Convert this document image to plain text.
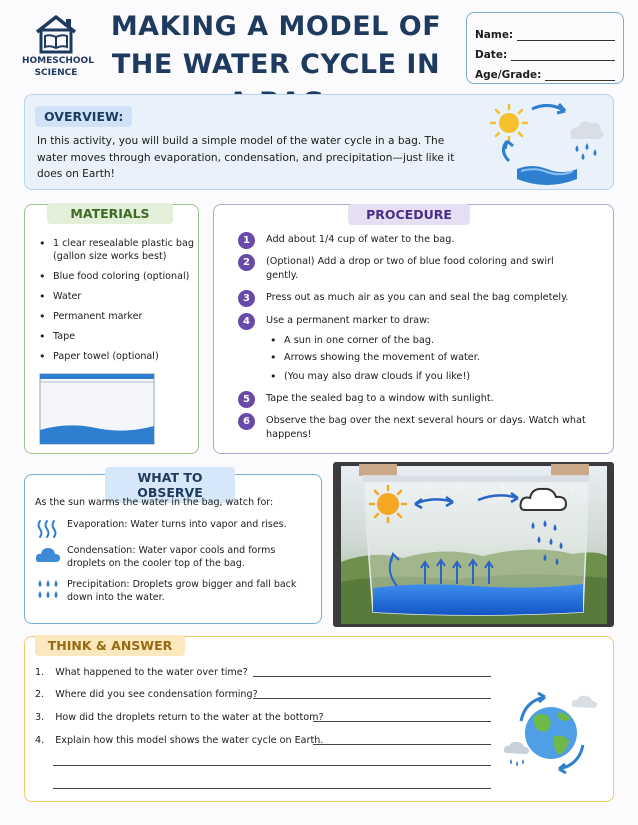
HOMESCHOOL
SCIENCE
MAKING A MODEL OF
THE WATER CYCLE IN
Name:
Date:
Age/Grade:
OVERVIEW:
In this activity, you will build a simple model of the water cycle in a bag. The water moves through evaporation, condensation, and precipitation—just like it does on Earth!
MATERIALS
• 1 clear resealable plastic bag (gallon size works best)
• Blue food coloring (optional)
• Water
• Permanent marker
• Tape
• Paper towel (optional)
PROCEDURE
1	Add about 1/4 cup of water to the bag.
2	(Optional) Add a drop or two of blue food coloring and swirl gently.
3	Press out as much air as you can and seal the bag completely.
4	Use a permanent marker to draw:
• A sun in one corner of the bag.
• Arrows showing the movement of water.
• (You may also draw clouds if you like!)
5	Tape the sealed bag to a window with sunlight.
6	Observe the bag over the next several hours or days. Watch what happens!
WHAT TO OBSERVE
As the sun warms the water in the bag, watch for:
Evaporation: Water turns into vapor and rises.
Condensation: Water vapor cools and forms droplets on the cooler top of the bag.
Precipitation: Droplets grow bigger and fall back down into the water.
THINK & ANSWER
1. What happened to the water over time?
2. Where did you see condensation forming?
3. How did the droplets return to the water at the bottom?
4. Explain how this model shows the water cycle on Earth.
